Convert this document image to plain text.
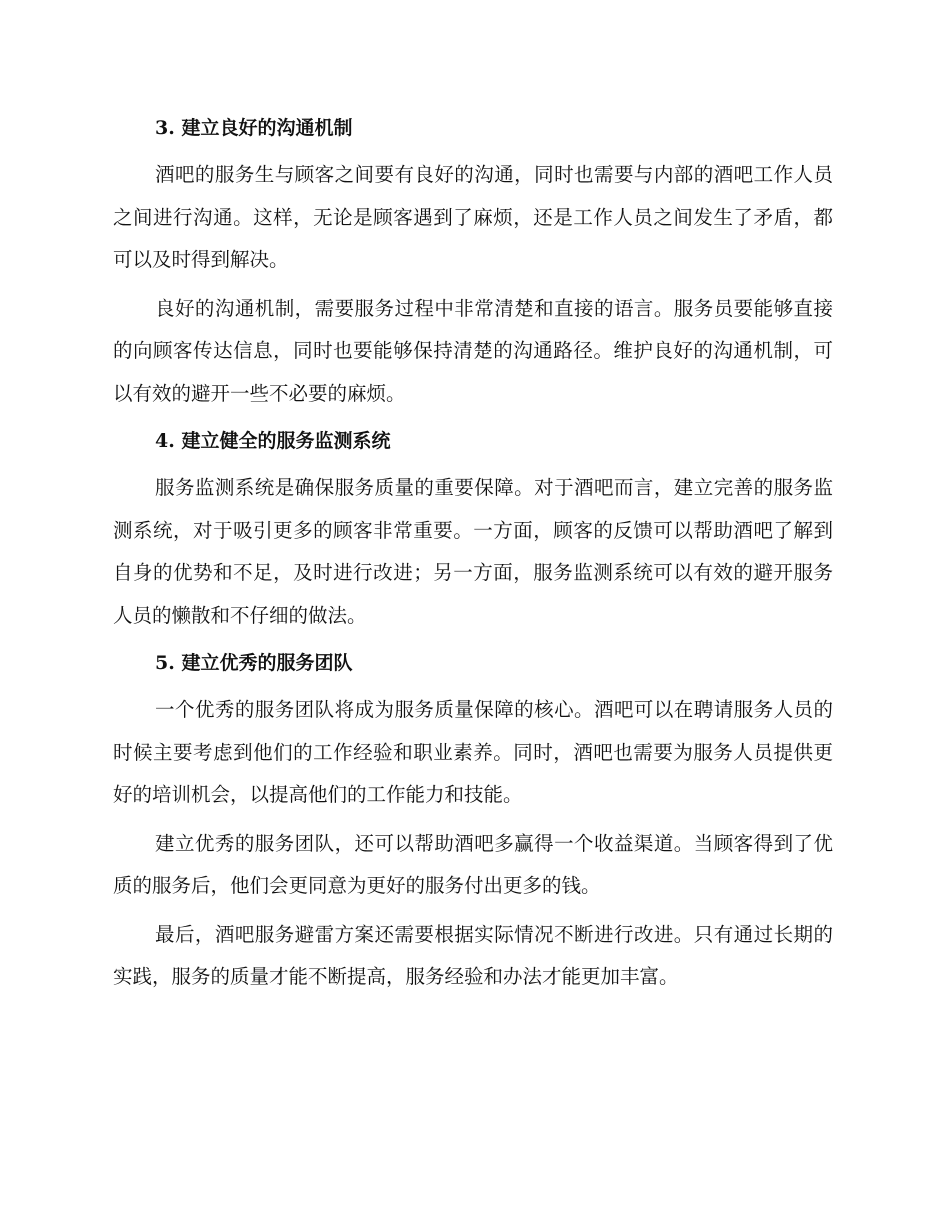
3. 建立良好的沟通机制

酒吧的服务生与顾客之间要有良好的沟通，同时也需要与内部的酒吧工作人员之间进行沟通。这样，无论是顾客遇到了麻烦，还是工作人员之间发生了矛盾，都可以及时得到解决。

良好的沟通机制，需要服务过程中非常清楚和直接的语言。服务员要能够直接的向顾客传达信息，同时也要能够保持清楚的沟通路径。维护良好的沟通机制，可以有效的避开一些不必要的麻烦。

4. 建立健全的服务监测系统

服务监测系统是确保服务质量的重要保障。对于酒吧而言，建立完善的服务监测系统，对于吸引更多的顾客非常重要。一方面，顾客的反馈可以帮助酒吧了解到自身的优势和不足，及时进行改进；另一方面，服务监测系统可以有效的避开服务人员的懒散和不仔细的做法。

5. 建立优秀的服务团队

一个优秀的服务团队将成为服务质量保障的核心。酒吧可以在聘请服务人员的时候主要考虑到他们的工作经验和职业素养。同时，酒吧也需要为服务人员提供更好的培训机会，以提高他们的工作能力和技能。

建立优秀的服务团队，还可以帮助酒吧多赢得一个收益渠道。当顾客得到了优质的服务后，他们会更同意为更好的服务付出更多的钱。

最后，酒吧服务避雷方案还需要根据实际情况不断进行改进。只有通过长期的实践，服务的质量才能不断提高，服务经验和办法才能更加丰富。
